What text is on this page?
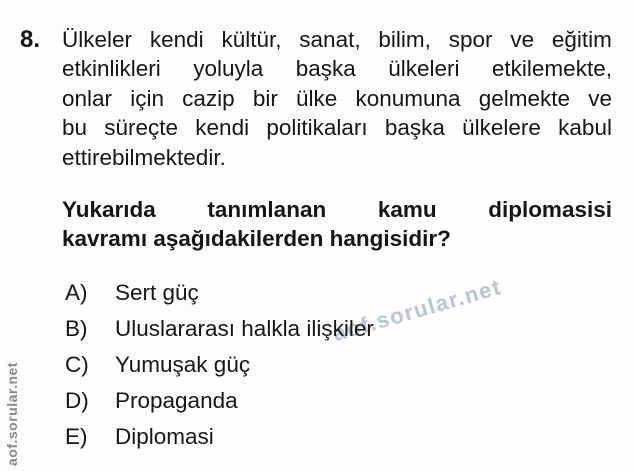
aof.sorular.net
aof.sorular.net
8. Ülkeler kendi kültür, sanat, bilim, spor ve eğitim
etkinlikleri yoluyla başka ülkeleri etkilemekte,
onlar için cazip bir ülke konumuna gelmekte ve
bu süreçte kendi politikaları başka ülkelere kabul
ettirebilmektedir.
Yukarıda tanımlanan kamu diplomasisi
kavramı aşağıdakilerden hangisidir?
A)	Sert güç
B)	Uluslararası halkla ilişkiler
C)	Yumuşak güç
D)	Propaganda
E)	Diplomasi
